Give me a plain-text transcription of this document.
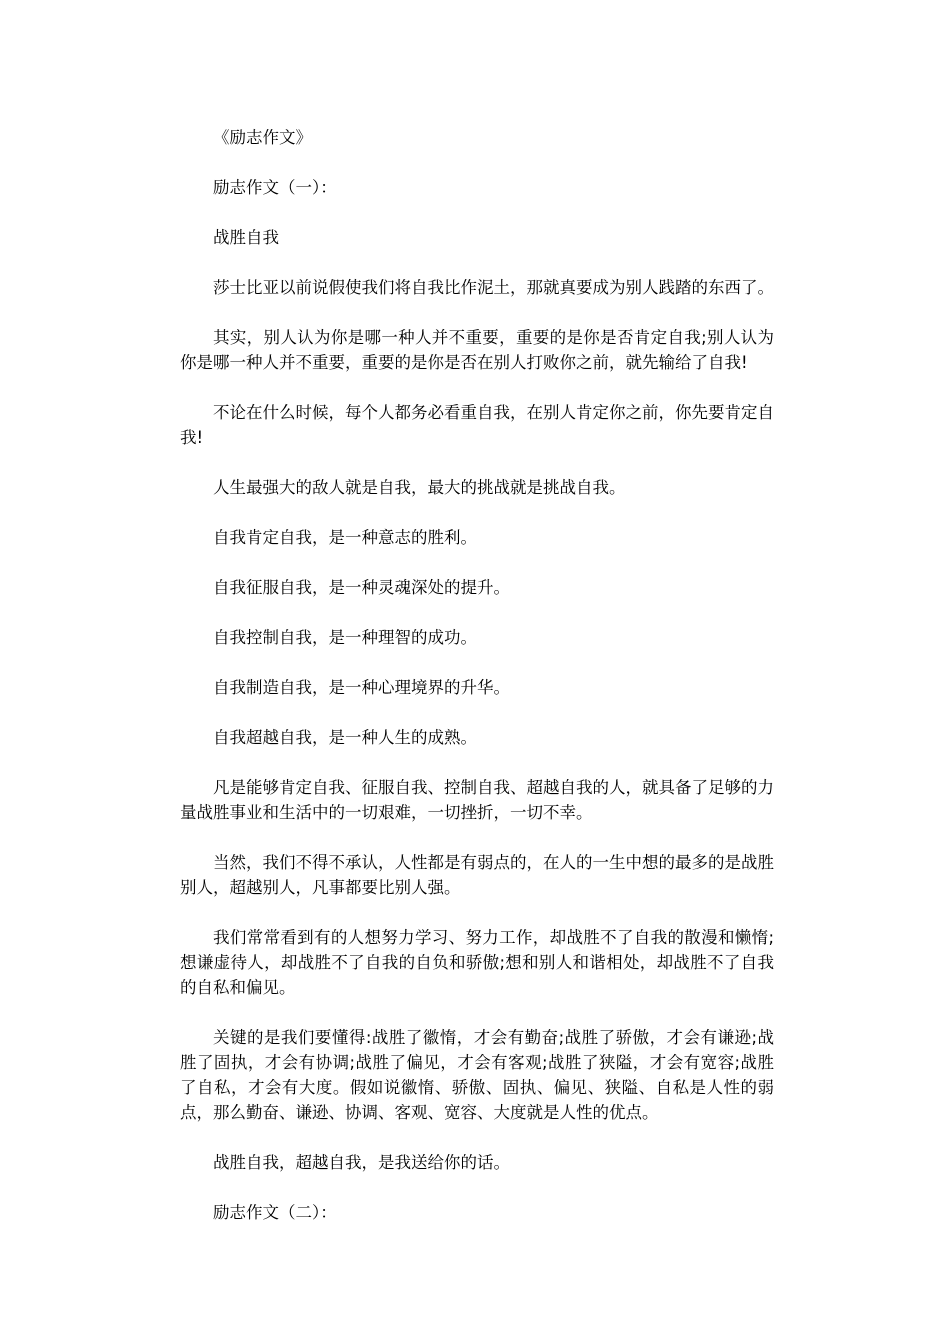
《励志作文》

励志作文（一）：

战胜自我

莎士比亚以前说假使我们将自我比作泥土，那就真要成为别人践踏的东西了。

其实，别人认为你是哪一种人并不重要，重要的是你是否肯定自我;别人认为你是哪一种人并不重要，重要的是你是否在别人打败你之前，就先输给了自我!

不论在什么时候，每个人都务必看重自我，在别人肯定你之前，你先要肯定自我!

人生最强大的敌人就是自我，最大的挑战就是挑战自我。

自我肯定自我，是一种意志的胜利。

自我征服自我，是一种灵魂深处的提升。

自我控制自我，是一种理智的成功。

自我制造自我，是一种心理境界的升华。

自我超越自我，是一种人生的成熟。

凡是能够肯定自我、征服自我、控制自我、超越自我的人，就具备了足够的力量战胜事业和生活中的一切艰难，一切挫折，一切不幸。

当然，我们不得不承认，人性都是有弱点的，在人的一生中想的最多的是战胜别人，超越别人，凡事都要比别人强。

我们常常看到有的人想努力学习、努力工作，却战胜不了自我的散漫和懒惰;想谦虚待人，却战胜不了自我的自负和骄傲;想和别人和谐相处，却战胜不了自我的自私和偏见。

关键的是我们要懂得:战胜了徽惰，才会有勤奋;战胜了骄傲，才会有谦逊;战胜了固执，才会有协调;战胜了偏见，才会有客观;战胜了狭隘，才会有宽容;战胜了自私，才会有大度。假如说徽惰、骄傲、固执、偏见、狭隘、自私是人性的弱点，那么勤奋、谦逊、协调、客观、宽容、大度就是人性的优点。

战胜自我，超越自我，是我送给你的话。

励志作文（二）：
